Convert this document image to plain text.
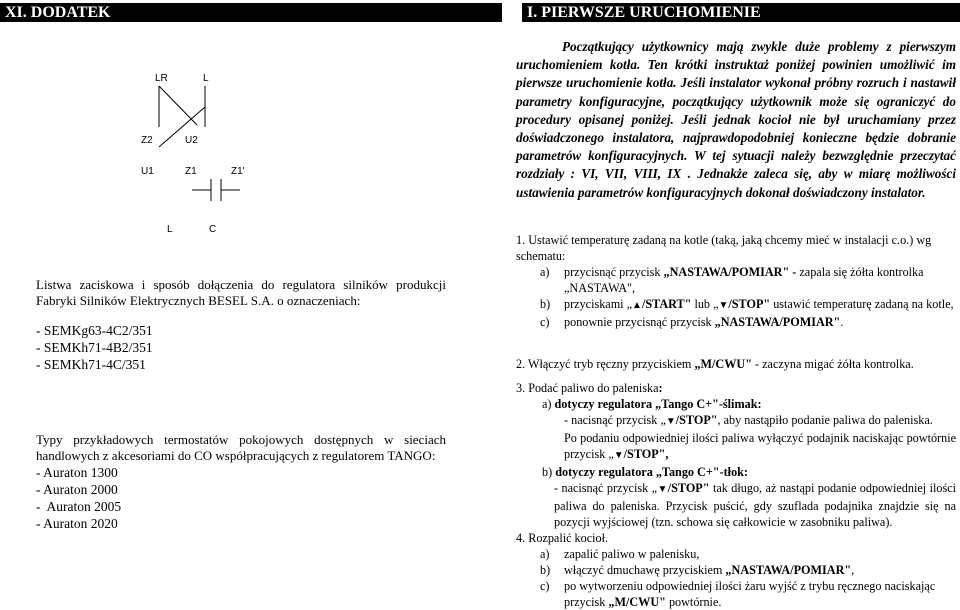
XI. DODATEK	I. PIERWSZE URUCHOMIENIE
LR	L
Z2	U2
U1	Z1	Z1'
L	C
Listwa zaciskowa i sposób dołączenia do regulatora silników produkcji Fabryki Silników Elektrycznych BESEL S.A. o oznaczeniach:
- SEMKg63-4C2/351
- SEMKh71-4B2/351
- SEMKh71-4C/351
Typy przykładowych termostatów pokojowych dostępnych w sieciach handlowych z akcesoriami do CO współpracujących z regulatorem TANGO:
- Auraton 1300
- Auraton 2000
-  Auraton 2005
- Auraton 2020

Początkujący użytkownicy mają zwykle duże problemy z pierwszym uruchomieniem kotła. Ten krótki instruktaż poniżej powinien umożliwić im pierwsze uruchomienie kotła. Jeśli instalator wykonał próbny rozruch i nastawił parametry konfiguracyjne, początkujący użytkownik może się ograniczyć do procedury opisanej poniżej. Jeśli jednak kocioł nie był uruchamiany przez doświadczonego instalatora, najprawdopodobniej konieczne będzie dobranie parametrów konfiguracyjnych. W tej sytuacji należy bezwzględnie przeczytać rozdziały : VI, VII, VIII, IX . Jednakże zaleca się, aby w miarę możliwości ustawienia parametrów konfiguracyjnych dokonał doświadczony instalator.

1. Ustawić temperaturę zadaną na kotle (taką, jaką chcemy mieć w instalacji c.o.) wg schematu:
a)	przycisnąć przycisk „NASTAWA/POMIAR" - zapala się żółta kontrolka „NASTAWA",
b)	przyciskami „▲/START" lub „▼/STOP" ustawić temperaturę zadaną na kotle,
c)	ponownie przycisnąć przycisk „NASTAWA/POMIAR".
2. Włączyć tryb ręczny przyciskiem „M/CWU" - zaczyna migać żółta kontrolka.
3. Podać paliwo do paleniska:
a) dotyczy regulatora „Tango C+"-ślimak:
- nacisnąć przycisk „▼/STOP", aby nastąpiło podanie paliwa do paleniska.
Po podaniu odpowiedniej ilości paliwa wyłączyć podajnik naciskając powtórnie przycisk „▼/STOP",
b) dotyczy regulatora „Tango C+"-tłok:
- nacisnąć przycisk „▼/STOP" tak długo, aż nastąpi podanie odpowiedniej ilości paliwa do paleniska. Przycisk puścić, gdy szuflada podajnika znajdzie się na pozycji wyjściowej (tzn. schowa się całkowicie w zasobniku paliwa).
4. Rozpalić kocioł.
a)	zapalić paliwo w palenisku,
b)	włączyć dmuchawę przyciskiem „NASTAWA/POMIAR",
c)	po wytworzeniu odpowiedniej ilości żaru wyjść z trybu ręcznego naciskając przycisk „M/CWU" powtórnie.
